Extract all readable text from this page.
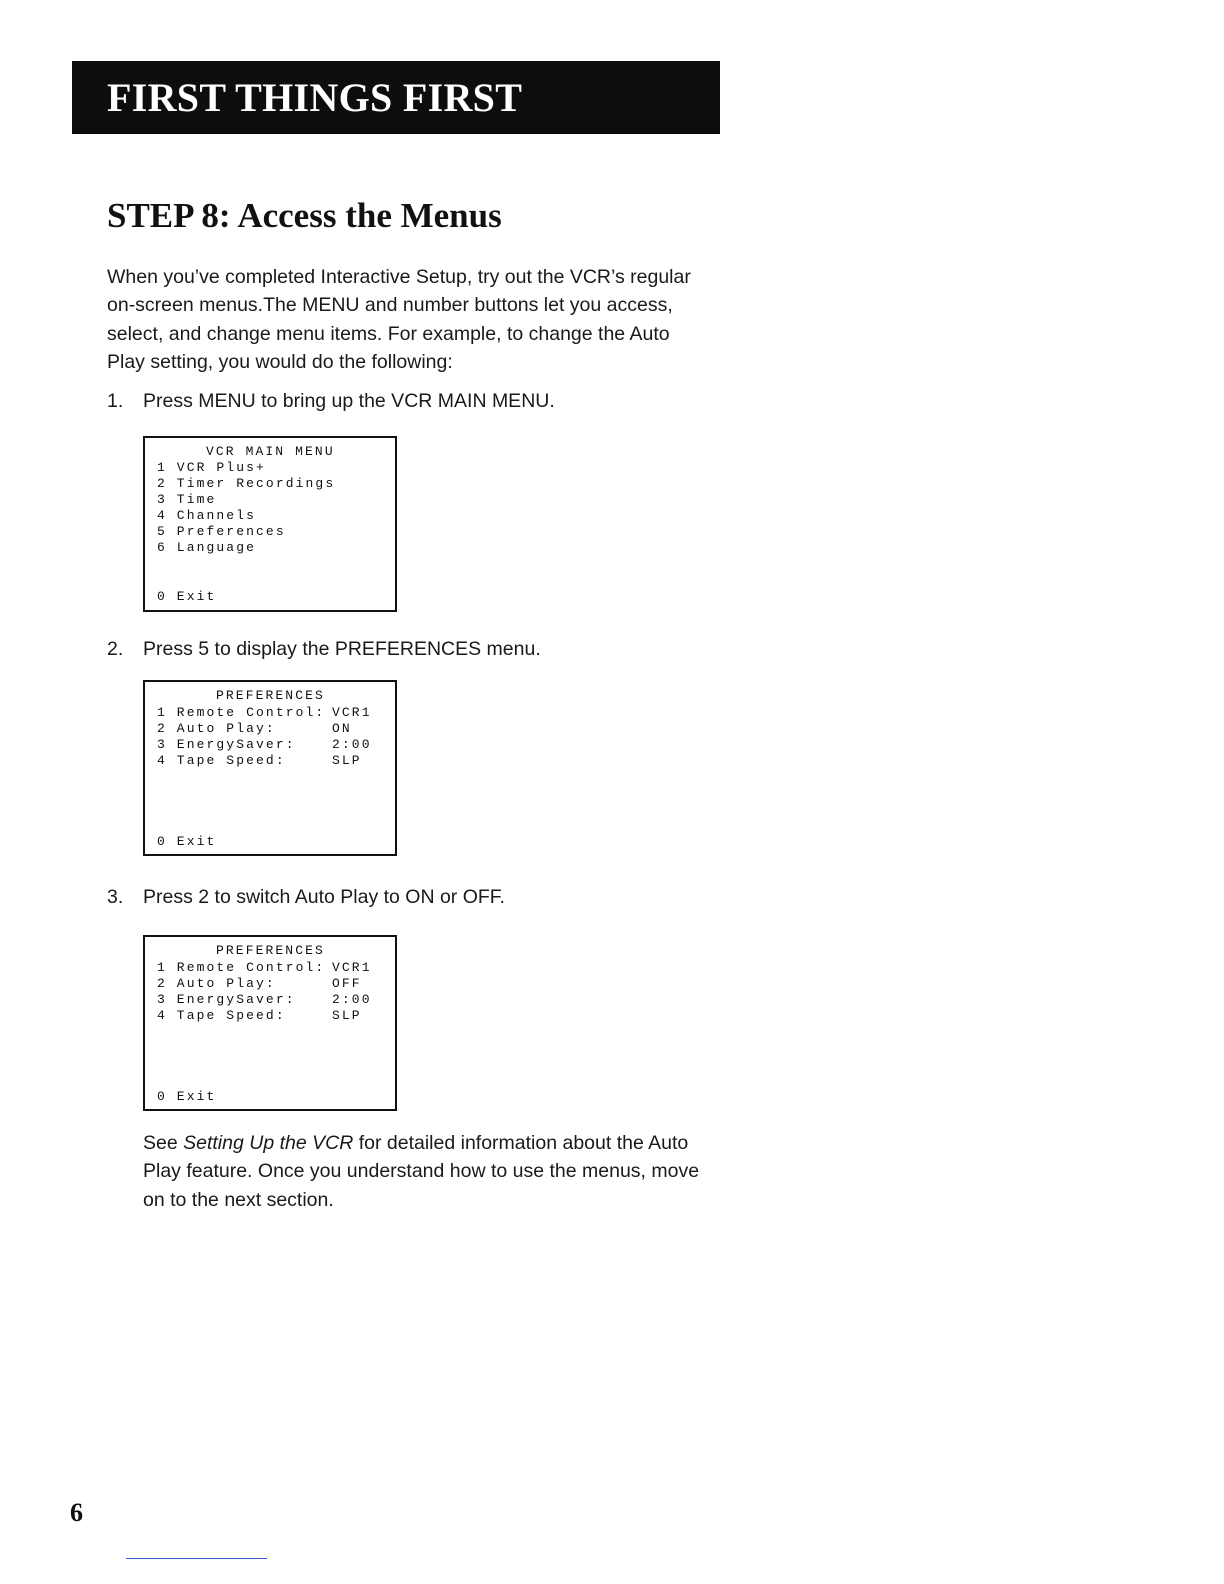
FIRST THINGS FIRST
STEP 8: Access the Menus

When you’ve completed Interactive Setup, try out the VCR’s regular on-screen menus.The MENU and number buttons let you access, select, and change menu items. For example, to change the Auto Play setting, you would do the following:

1. Press MENU to bring up the VCR MAIN MENU.
VCR MAIN MENU
1 VCR Plus+
2 Timer Recordings
3 Time
4 Channels
5 Preferences
6 Language
0 Exit
2. Press 5 to display the PREFERENCES menu.
PREFERENCES
1 Remote Control: VCR1
2 Auto Play:	ON
3 EnergySaver:	2:00
4 Tape Speed:	SLP
0 Exit
3. Press 2 to switch Auto Play to ON or OFF.
PREFERENCES
1 Remote Control: VCR1
2 Auto Play:	OFF
3 EnergySaver:	2:00
4 Tape Speed:	SLP
0 Exit

See Setting Up the VCR for detailed information about the Auto Play feature. Once you understand how to use the menus, move on to the next section.

6
